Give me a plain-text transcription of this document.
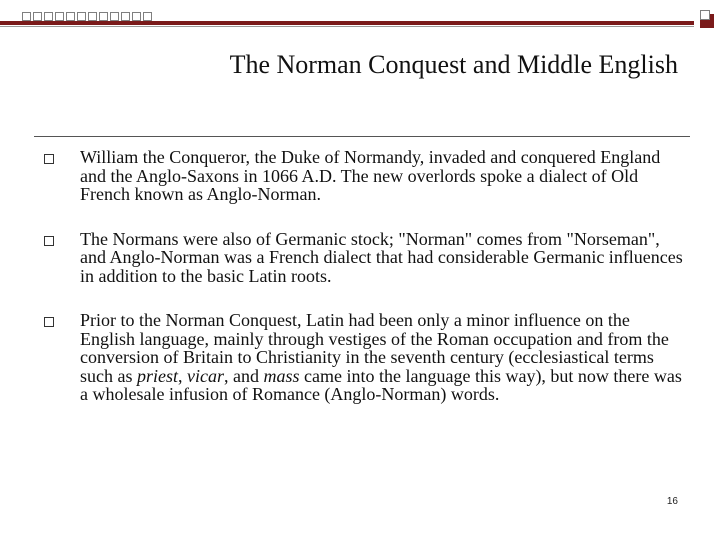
The Norman Conquest and Middle English
William the Conqueror, the Duke of Normandy, invaded and conquered England and the Anglo-Saxons in 1066 A.D. The new overlords spoke a dialect of Old French known as Anglo-Norman.
The Normans were also of Germanic stock; "Norman" comes from "Norseman", and Anglo-Norman was a French dialect that had considerable Germanic influences in addition to the basic Latin roots.
Prior to the Norman Conquest, Latin had been only a minor influence on the English language, mainly through vestiges of the Roman occupation and from the conversion of Britain to Christianity in the seventh century (ecclesiastical terms such as priest, vicar, and mass came into the language this way), but now there was a wholesale infusion of Romance (Anglo-Norman) words.
16
